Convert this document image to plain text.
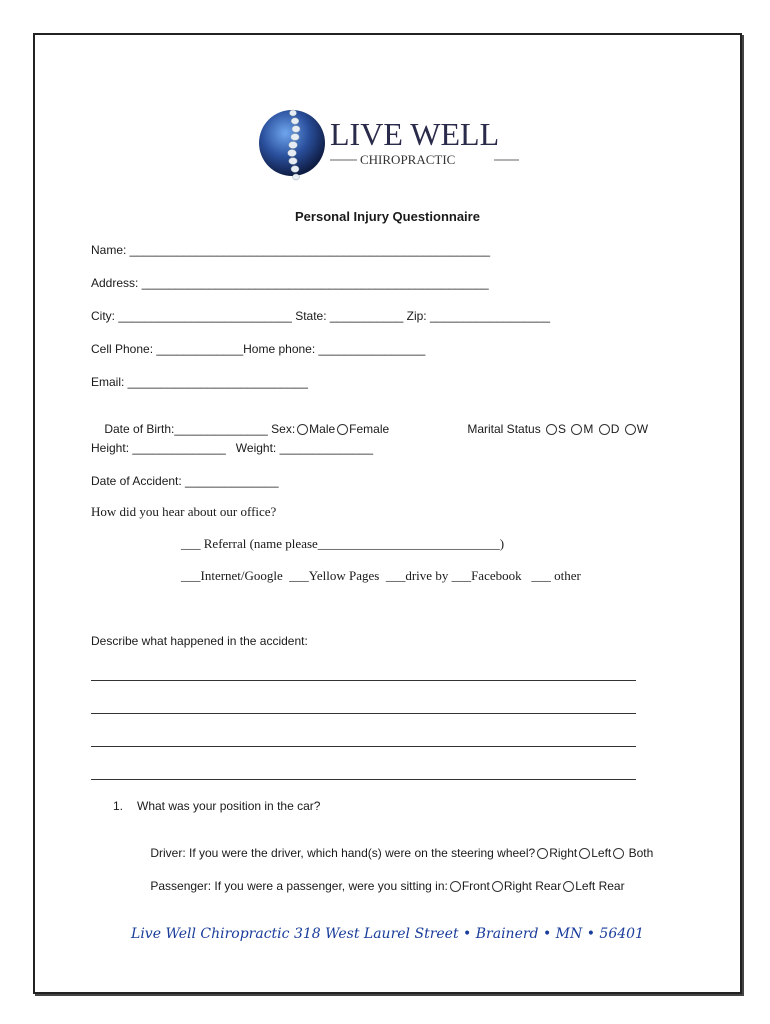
LIVE WELL
CHIROPRACTIC
Personal Injury Questionnaire
Name: ______________________________________________________
Address: ____________________________________________________
City: __________________________ State: ___________ Zip: __________________
Cell Phone: _____________Home phone: ________________
Email: ___________________________

Date of Birth:______________ Sex: Male Female
	Marital Status S M D W

Height: ______________   Weight: ______________
Date of Accident: ______________
How did you hear about our office?
___ Referral (name please____________________________)
___Internet/Google  ___Yellow Pages  ___drive by ___Facebook   ___ other
Describe what happened in the accident:
1. What was your position in the car?

Driver: If you were the driver, which hand(s) were on the steering wheel? Right Left Both

Passenger: If you were a passenger, were you sitting in: Front Right Rear Left Rear

Live Well Chiropractic 318 West Laurel Street • Brainerd • MN • 56401
